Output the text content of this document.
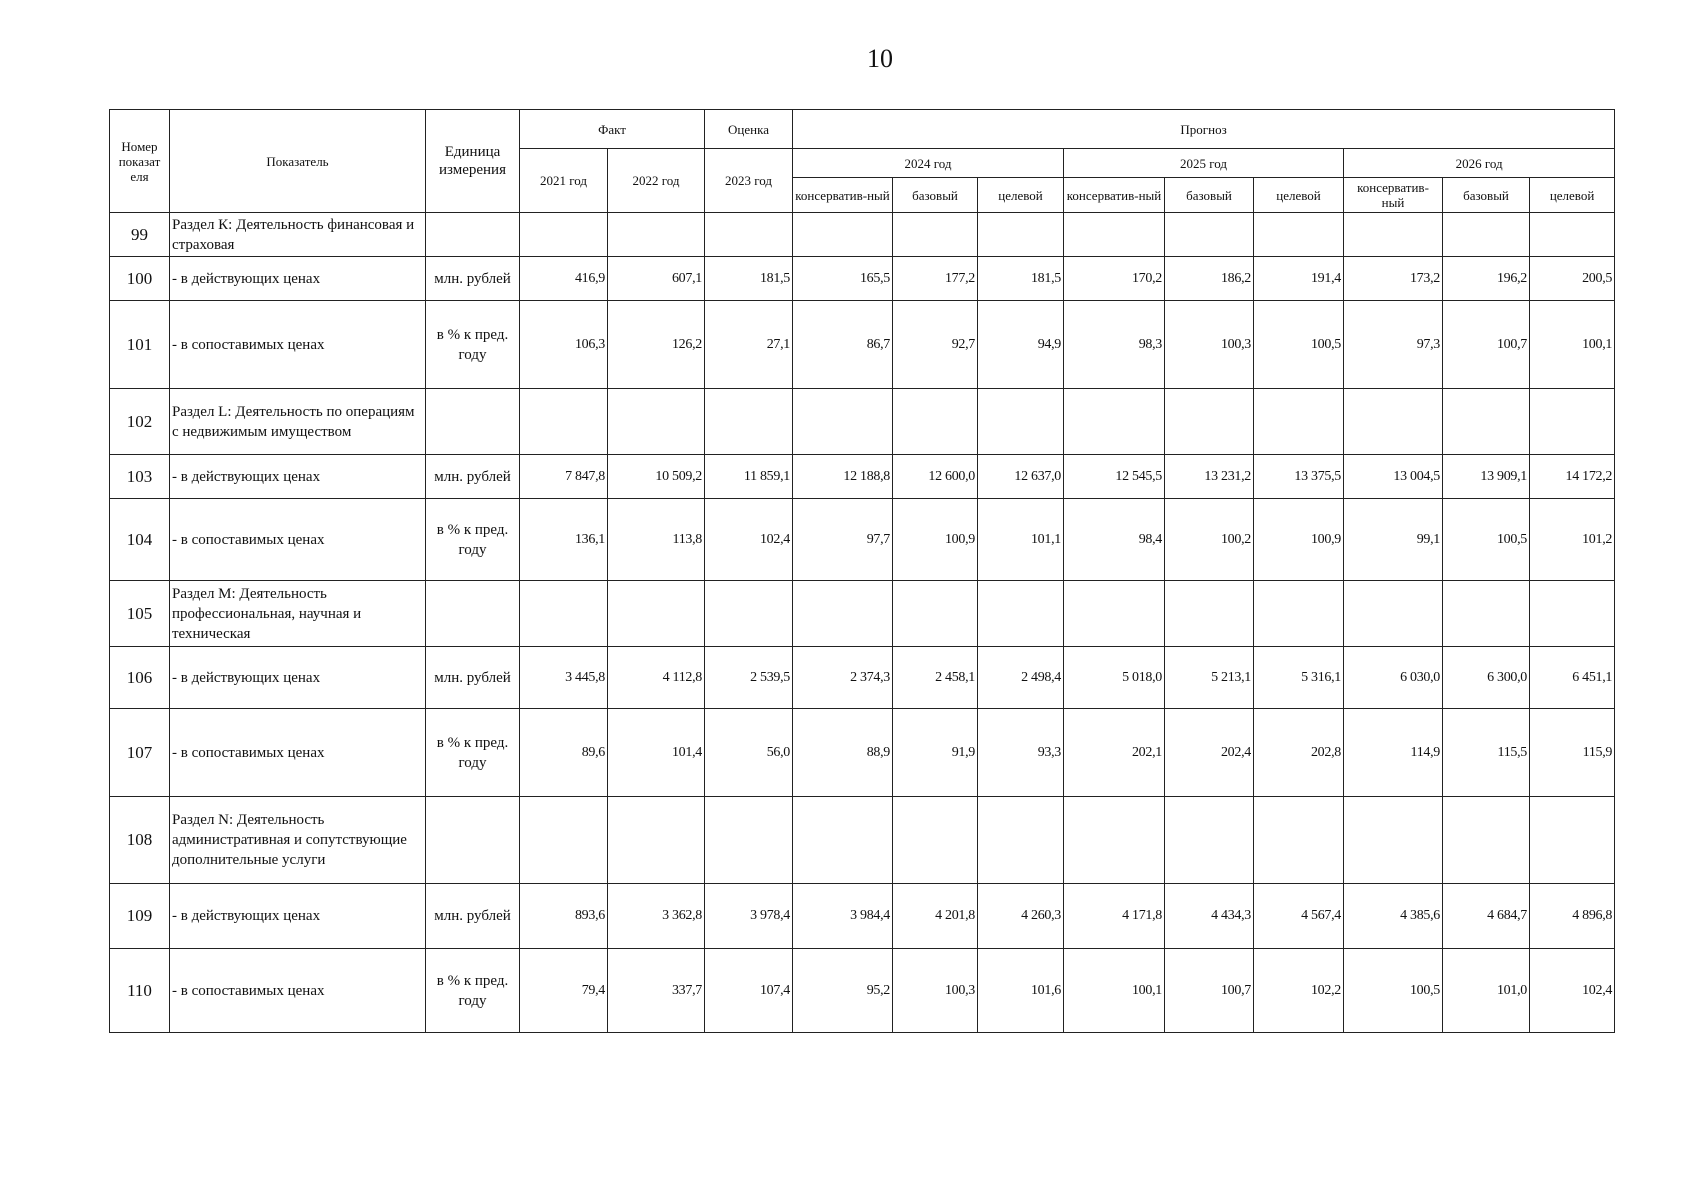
10
Номер показат еля	Показатель	Единица измерения	Факт		Оценка	Прогноз								
			2021 год	2022 год	2023 год	2024 год			2025 год			2026 год		
						консерватив-ный	базовый	целевой	консерватив-ный	базовый	целевой	консерватив-ный	базовый	целевой
99	Раздел К: Деятельность финансовая и страховая													
100	- в действующих ценах	млн. рублей	416,9	607,1	181,5	165,5	177,2	181,5	170,2	186,2	191,4	173,2	196,2	200,5
101	- в сопоставимых ценах	в % к пред. году	106,3	126,2	27,1	86,7	92,7	94,9	98,3	100,3	100,5	97,3	100,7	100,1
102	Раздел L: Деятельность по операциям с недвижимым имуществом													
103	- в действующих ценах	млн. рублей	7 847,8	10 509,2	11 859,1	12 188,8	12 600,0	12 637,0	12 545,5	13 231,2	13 375,5	13 004,5	13 909,1	14 172,2
104	- в сопоставимых ценах	в % к пред. году	136,1	113,8	102,4	97,7	100,9	101,1	98,4	100,2	100,9	99,1	100,5	101,2
105	Раздел М: Деятельность профессиональная, научная и техническая													
106	- в действующих ценах	млн. рублей	3 445,8	4 112,8	2 539,5	2 374,3	2 458,1	2 498,4	5 018,0	5 213,1	5 316,1	6 030,0	6 300,0	6 451,1
107	- в сопоставимых ценах	в % к пред. году	89,6	101,4	56,0	88,9	91,9	93,3	202,1	202,4	202,8	114,9	115,5	115,9
108	Раздел N: Деятельность административная и сопутствующие дополнительные услуги													
109	- в действующих ценах	млн. рублей	893,6	3 362,8	3 978,4	3 984,4	4 201,8	4 260,3	4 171,8	4 434,3	4 567,4	4 385,6	4 684,7	4 896,8
110	- в сопоставимых ценах	в % к пред. году	79,4	337,7	107,4	95,2	100,3	101,6	100,1	100,7	102,2	100,5	101,0	102,4
